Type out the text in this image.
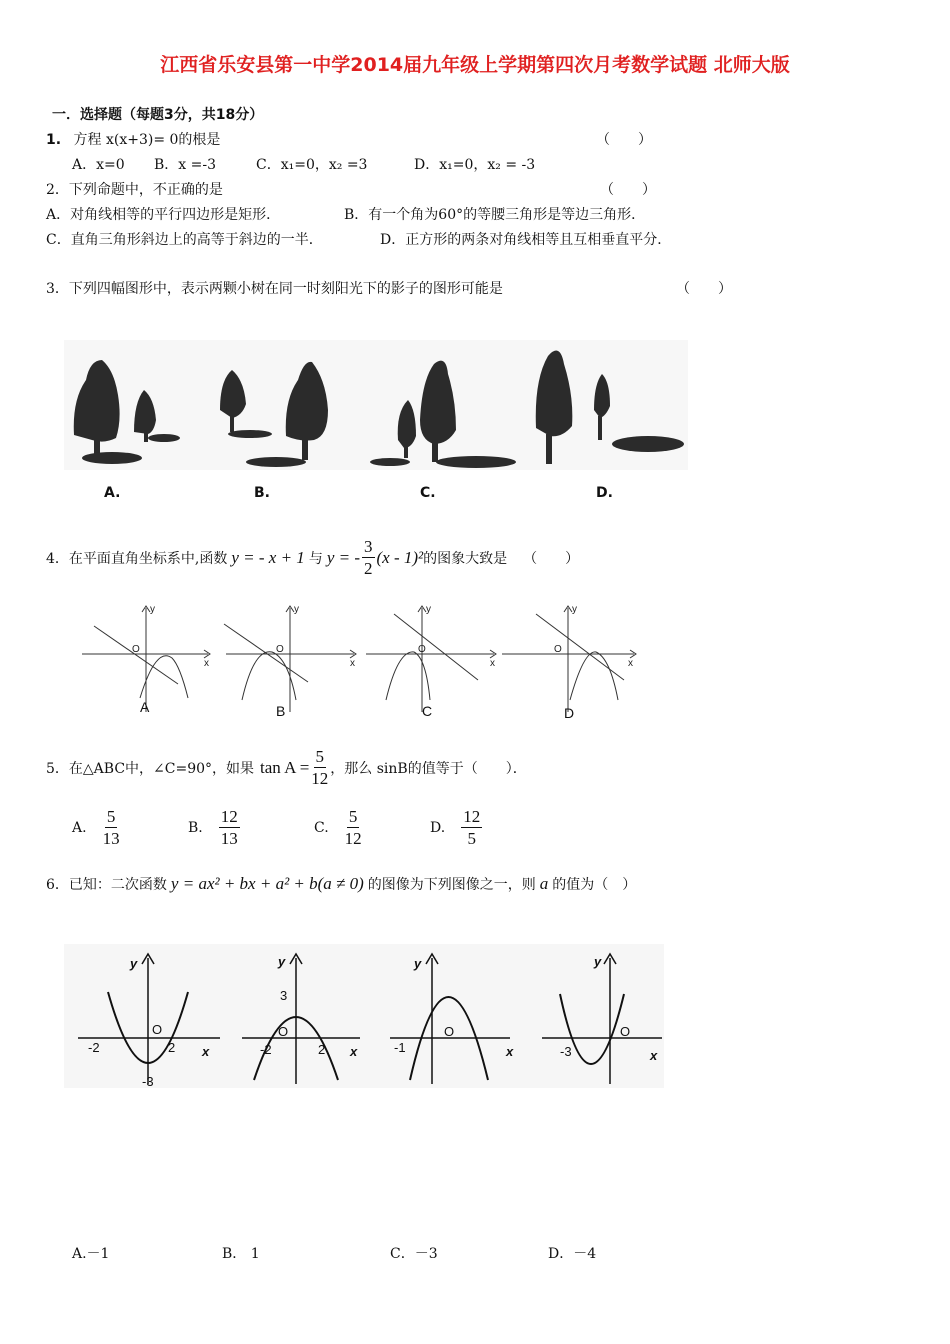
江西省乐安县第一中学2014届九年级上学期第四次月考数学试题 北师大版
一．选择题（每题3分，共18分）
1. 方程 x(x+3)= 0的根是	（　　）
A．x=0 B．x =-3	C．x₁=0，x₂ =3	D．x₁=0，x₂ = -3
2．下列命题中，不正确的是	（　　）
A．对角线相等的平行四边形是矩形．	B．有一个角为60°的等腰三角形是等边三角形．
C．直角三角形斜边上的高等于斜边的一半．	D．正方形的两条对角线相等且互相垂直平分．
3．下列四幅图形中，表示两颗小树在同一时刻阳光下的影子的图形可能是	（　　）
A.	B.	C.	D.
4．在平面直角坐标系中,函数 y = - x + 1 与 y = - $\frac{3}{2} (x - 1)^2$ 的图象大致是 （　　）
y
x
O
y
x
O
y
x
O
y
x
O
A	B	C	D
5．在△ABC中，∠C=90°，如果 $\tan A = \frac{5}{12}$ ，那么 sinB的值等于（　　）．
A. $\frac{5}{13}$	B. $\frac{12}{13}$	C. $\frac{5}{12}$	D. $\frac{12}{5}$
6．已知：二次函数 y = ax² + bx + a² + b(a ≠ 0) 的图像为下列图像之一，则 a 的值为（　）
y
x
y
x
y
x
y
x
-2
O
2
-3
3
-2
O
2	-1
O
-3
O
A.－1	B． 1	C．－3	D．－4
